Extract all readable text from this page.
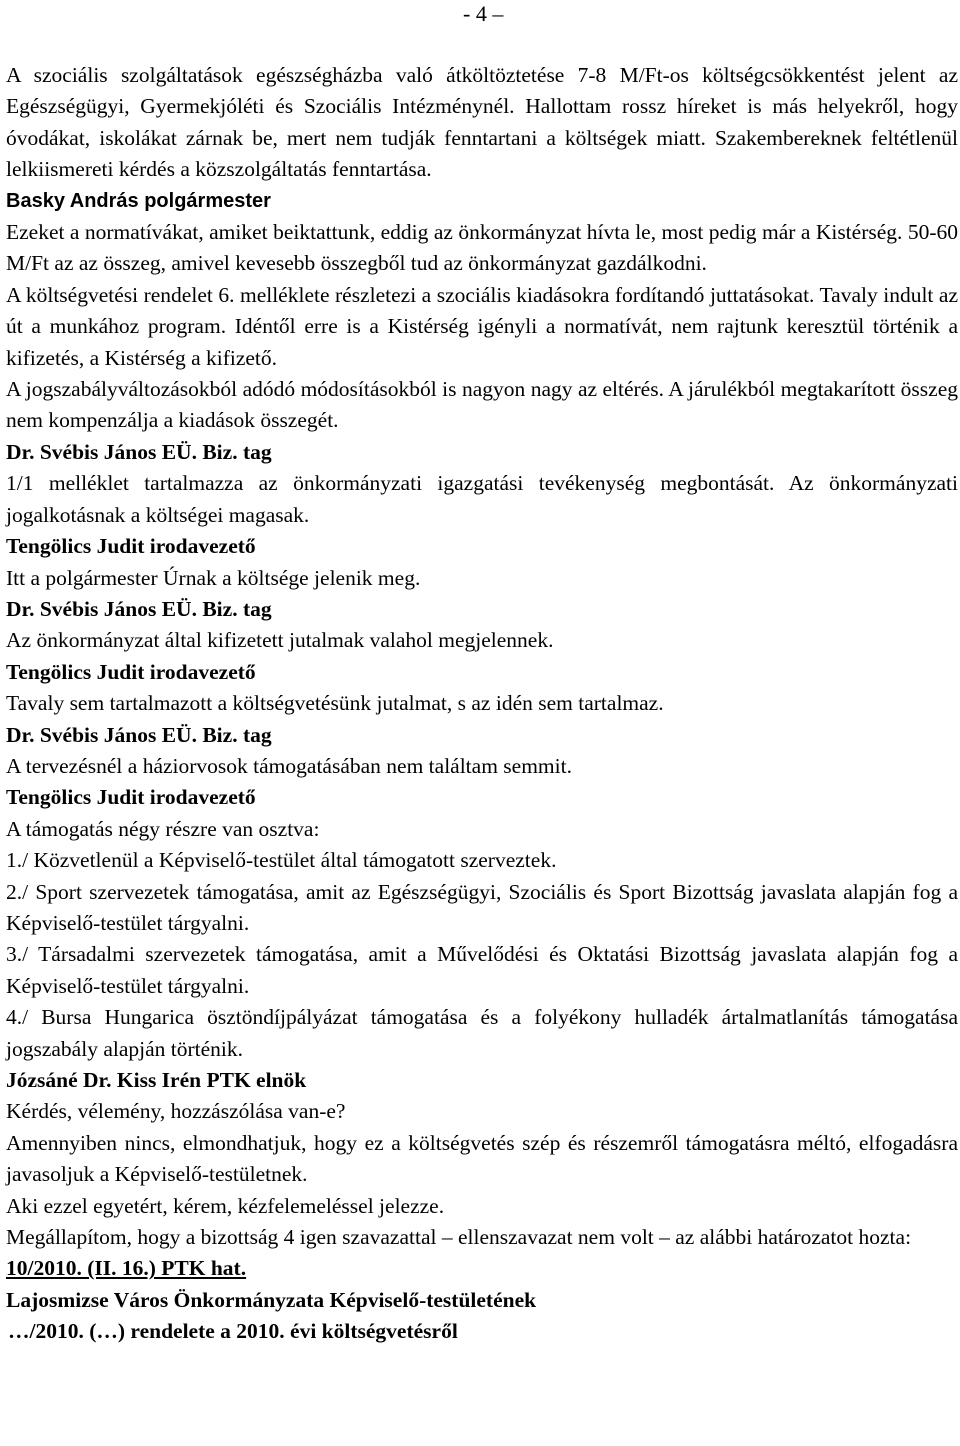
- 4 –

A szociális szolgáltatások egészségházba való átköltöztetése 7-8 M/Ft-os költségcsökkentést jelent az Egészségügyi, Gyermekjóléti és Szociális Intézménynél. Hallottam rossz híreket is más helyekről, hogy óvodákat, iskolákat zárnak be, mert nem tudják fenntartani a költségek miatt. Szakembereknek feltétlenül lelkiismereti kérdés a közszolgáltatás fenntartása.

Basky András polgármester

Ezeket a normatívákat, amiket beiktattunk, eddig az önkormányzat hívta le, most pedig már a Kistérség. 50-60 M/Ft az az összeg, amivel kevesebb összegből tud az önkormányzat gazdálkodni.

A költségvetési rendelet 6. melléklete részletezi a szociális kiadásokra fordítandó juttatásokat. Tavaly indult az út a munkához program. Idéntől erre is a Kistérség igényli a normatívát, nem rajtunk keresztül történik a kifizetés, a Kistérség a kifizető.

A jogszabályváltozásokból adódó módosításokból is nagyon nagy az eltérés. A járulékból megtakarított összeg nem kompenzálja a kiadások összegét.

Dr. Svébis János EÜ. Biz. tag

1/1 melléklet tartalmazza az önkormányzati igazgatási tevékenység megbontását. Az önkormányzati jogalkotásnak a költségei magasak.

Tengölics Judit irodavezető

Itt a polgármester Úrnak a költsége jelenik meg.

Dr. Svébis János EÜ. Biz. tag

Az önkormányzat által kifizetett jutalmak valahol megjelennek.

Tengölics Judit irodavezető

Tavaly sem tartalmazott a költségvetésünk jutalmat, s az idén sem tartalmaz.

Dr. Svébis János EÜ. Biz. tag

A tervezésnél a háziorvosok támogatásában nem találtam semmit.

Tengölics Judit irodavezető

A támogatás négy részre van osztva:

1./ Közvetlenül a Képviselő-testület által támogatott szerveztek.

2./ Sport szervezetek támogatása, amit az Egészségügyi, Szociális és Sport Bizottság javaslata alapján fog a Képviselő-testület tárgyalni.

3./ Társadalmi szervezetek támogatása, amit a Művelődési és Oktatási Bizottság javaslata alapján fog a Képviselő-testület tárgyalni.

4./ Bursa Hungarica ösztöndíjpályázat támogatása és a folyékony hulladék ártalmatlanítás támogatása jogszabály alapján történik.

Józsáné Dr. Kiss Irén PTK elnök

Kérdés, vélemény, hozzászólása van-e?

Amennyiben nincs, elmondhatjuk, hogy ez a költségvetés szép és részemről támogatásra méltó, elfogadásra javasoljuk a Képviselő-testületnek.

Aki ezzel egyetért, kérem, kézfelemeléssel jelezze.

Megállapítom, hogy a bizottság 4 igen szavazattal – ellenszavazat nem volt – az alábbi határozatot hozta:

10/2010. (II. 16.) PTK hat.

Lajosmizse Város Önkormányzata Képviselő-testületének

…/2010. (…) rendelete a 2010. évi költségvetésről
